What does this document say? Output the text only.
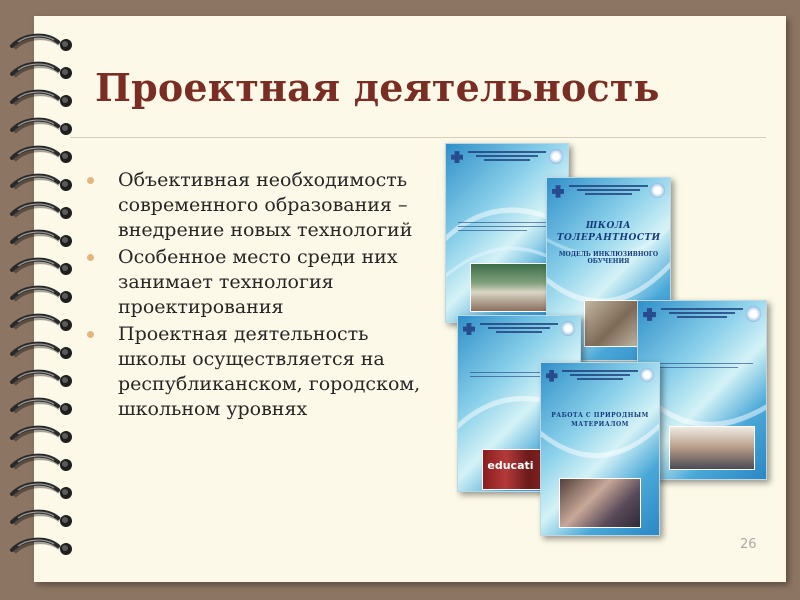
Проектная деятельность
Объективная необходимость современного образования – внедрение новых технологий
Особенное место среди них занимает технология проектирования
Проектная деятельность школы осуществляется на республиканском, городском, школьном уровнях
ШКОЛА ТОЛЕРАНТНОСТИ
МОДЕЛЬ ИНКЛЮЗИВНОГО ОБУЧЕНИЯ
educati
РАБОТА С ПРИРОДНЫМ МАТЕРИАЛОМ
26
